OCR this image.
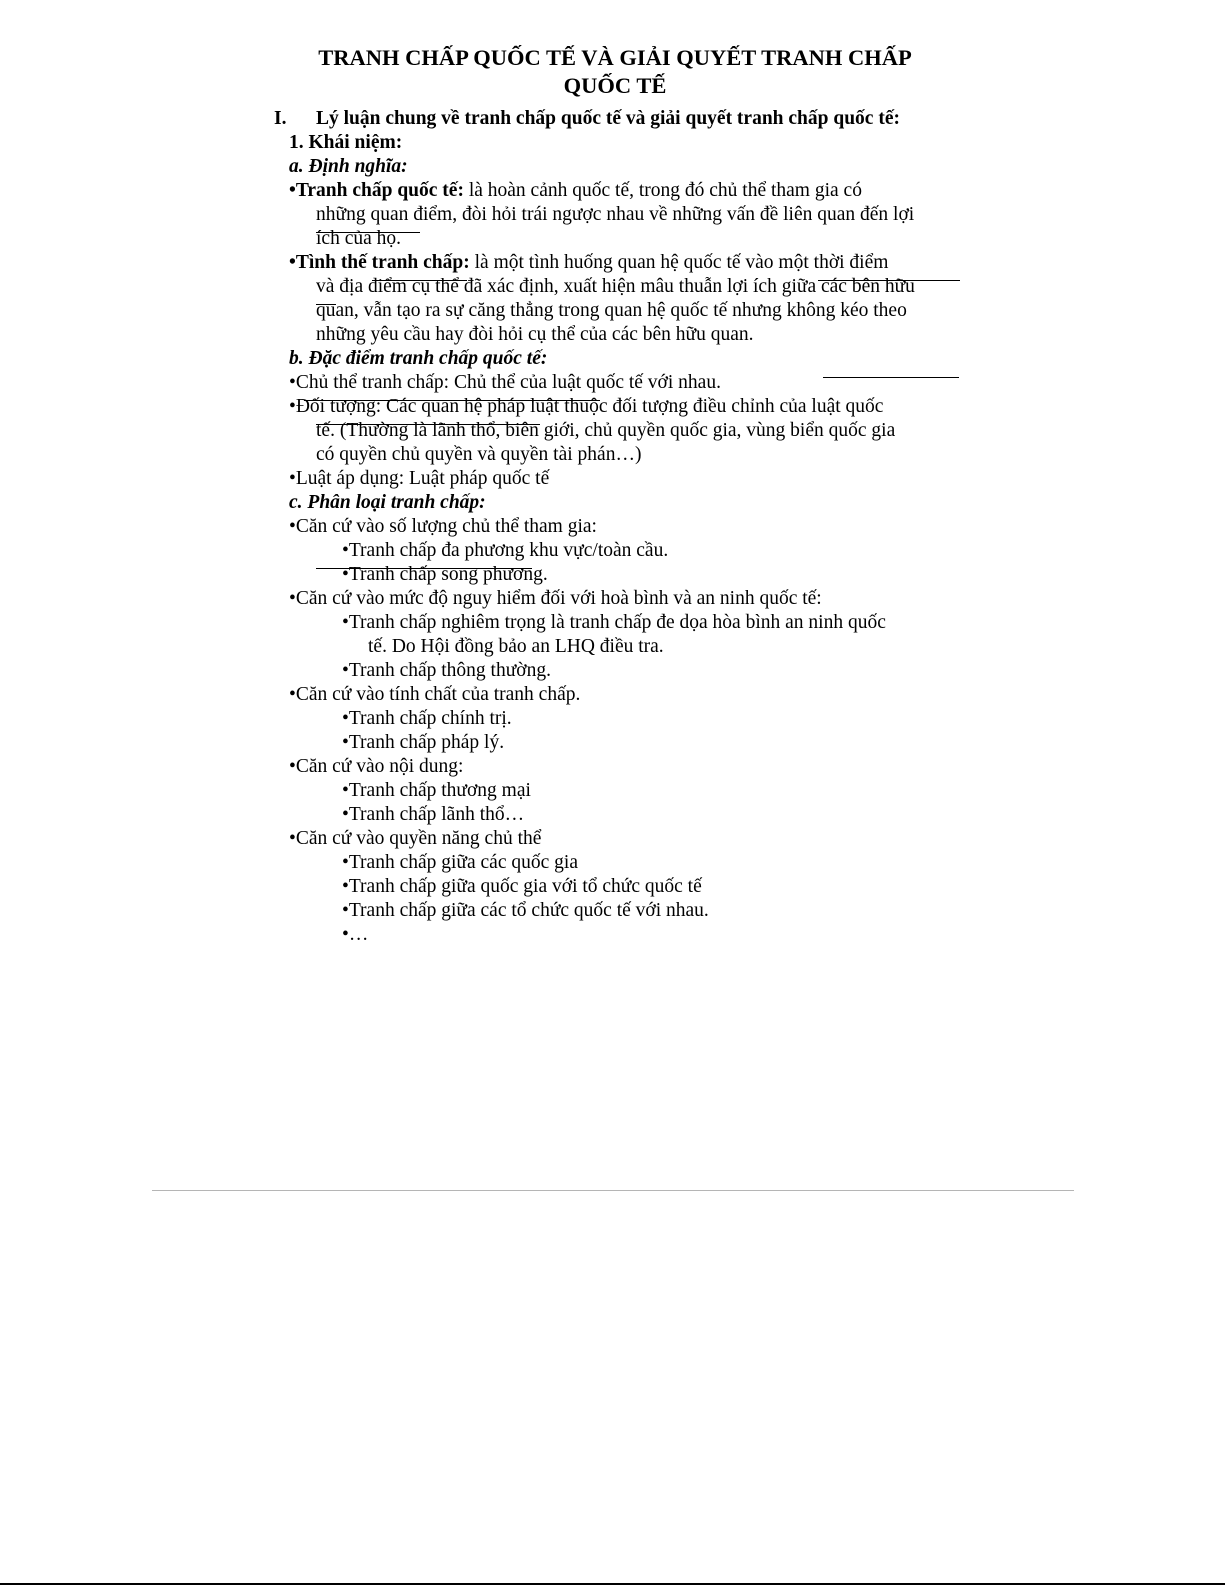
TRANH CHẤP QUỐC TẾ VÀ GIẢI QUYẾT TRANH CHẤP
QUỐC TẾ
I. Lý luận chung về tranh chấp quốc tế và giải quyết tranh chấp quốc tế:
1. Khái niệm:
a. Định nghĩa:
•Tranh chấp quốc tế: là hoàn cảnh quốc tế, trong đó chủ thể tham gia có
những quan điểm, đòi hỏi trái ngược nhau về những vấn đề liên quan đến lợi
ích của họ.
•Tình thế tranh chấp: là một tình huống quan hệ quốc tế vào một thời điểm
và địa điểm cụ thể đã xác định, xuất hiện mâu thuẫn lợi ích giữa các bên hữu
quan, vẫn tạo ra sự căng thẳng trong quan hệ quốc tế nhưng không kéo theo
những yêu cầu hay đòi hỏi cụ thể của các bên hữu quan.
b. Đặc điểm tranh chấp quốc tế:
•Chủ thể tranh chấp: Chủ thể của luật quốc tế với nhau.
•Đối tượng: Các quan hệ pháp luật thuộc đối tượng điều chỉnh của luật quốc
tế. (Thường là lãnh thổ, biên giới, chủ quyền quốc gia, vùng biển quốc gia
có quyền chủ quyền và quyền tài phán…)
•Luật áp dụng: Luật pháp quốc tế
c. Phân loại tranh chấp:
•Căn cứ vào số lượng chủ thể tham gia:
•Tranh chấp đa phương khu vực/toàn cầu.
•Tranh chấp song phương.
•Căn cứ vào mức độ nguy hiểm đối với hoà bình và an ninh quốc tế:
•Tranh chấp nghiêm trọng là tranh chấp đe dọa hòa bình an ninh quốc
tế. Do Hội đồng bảo an LHQ điều tra.
•Tranh chấp thông thường.
•Căn cứ vào tính chất của tranh chấp.
•Tranh chấp chính trị.
•Tranh chấp pháp lý.
•Căn cứ vào nội dung:
•Tranh chấp thương mại
•Tranh chấp lãnh thổ…
•Căn cứ vào quyền năng chủ thể
•Tranh chấp giữa các quốc gia
•Tranh chấp giữa quốc gia với tổ chức quốc tế
•Tranh chấp giữa các tổ chức quốc tế với nhau.
•…
